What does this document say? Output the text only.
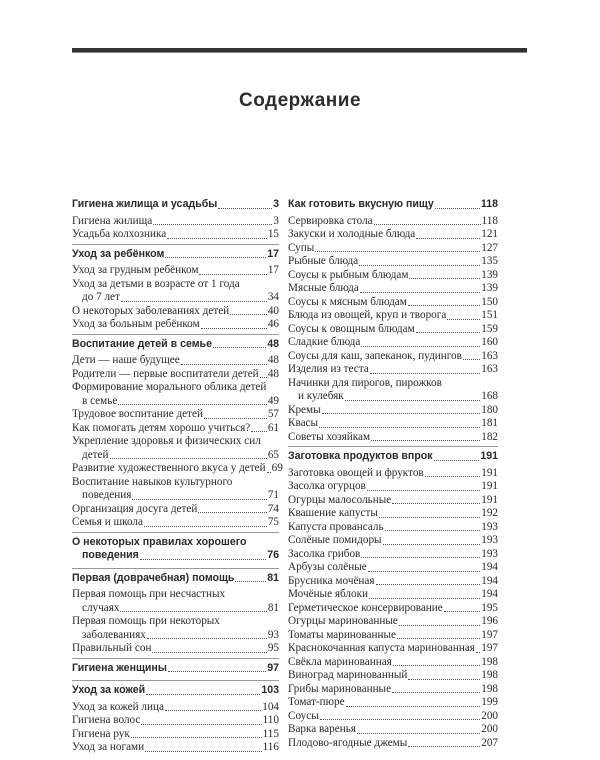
Содержание
Гигиена жилища и усадьбы	3
Гигиена жилища	3
Усадьба колхозника	15
Уход за ребёнком	17
Уход за грудным ребёнком	17
Уход за детьми в возрасте от 1 года
до 7 лет	34
О некоторых заболеваниях детей	40
Уход за больным ребёнком	46
Воспитание детей в семье	48
Дети — наше будущее	48
Родители — первые воспитатели детей 48
Формирование морального облика детей
в семье	49
Трудовое воспитание детей	57
Как помогать детям хорошо учиться? 61
Укрепление здоровья и физических сил
детей	65
Развитие художественного вкуса у детей 69
Воспитание навыков культурного
поведения	71
Организация досуга детей	74
Семья и школа	75
О некоторых правилах хорошего
поведения	76
Первая (доврачебная) помощь	81
Первая помощь при несчастных
случаях	81
Первая помощь при некоторых
заболеваниях	93
Правильный сон	95
Гигиена женщины	97
Уход за кожей	103
Уход за кожей лица	104
Гигиена волос	110
Гигиена рук	115
Уход за ногами	116
Как готовить вкусную пищу	118
Сервировка стола	118
Закуски и холодные блюда	121
Супы	127
Рыбные блюда	135
Соусы к рыбным блюдам	139
Мясные блюда	139
Соусы к мясным блюдам	150
Блюда из овощей, круп и творога	151
Соусы к овощным блюдам	159
Сладкие блюда	160
Соусы для каш, запеканок, пудингов 163
Изделия из теста	163
Начинки для пирогов, пирожков
и кулебяк	168
Кремы	180
Квасы	181
Советы хозяйкам	182
Заготовка продуктов впрок	191
Заготовка овощей и фруктов	191
Засолка огурцов	191
Огурцы малосольные	191
Квашение капусты	192
Капуста провансаль	193
Солёные помидоры	193
Засолка грибов	193
Арбузы солёные	194
Брусника мочёная	194
Мочёные яблоки	194
Герметическое консервирование	195
Огурцы маринованные	196
Томаты маринованные	197
Краснокочанная капуста маринованная 197
Свёкла маринованная	198
Виноград маринованный	198
Грибы маринованные	198
Томат-пюре	199
Соусы	200
Варка варенья	200
Плодово-ягодные джемы	207
